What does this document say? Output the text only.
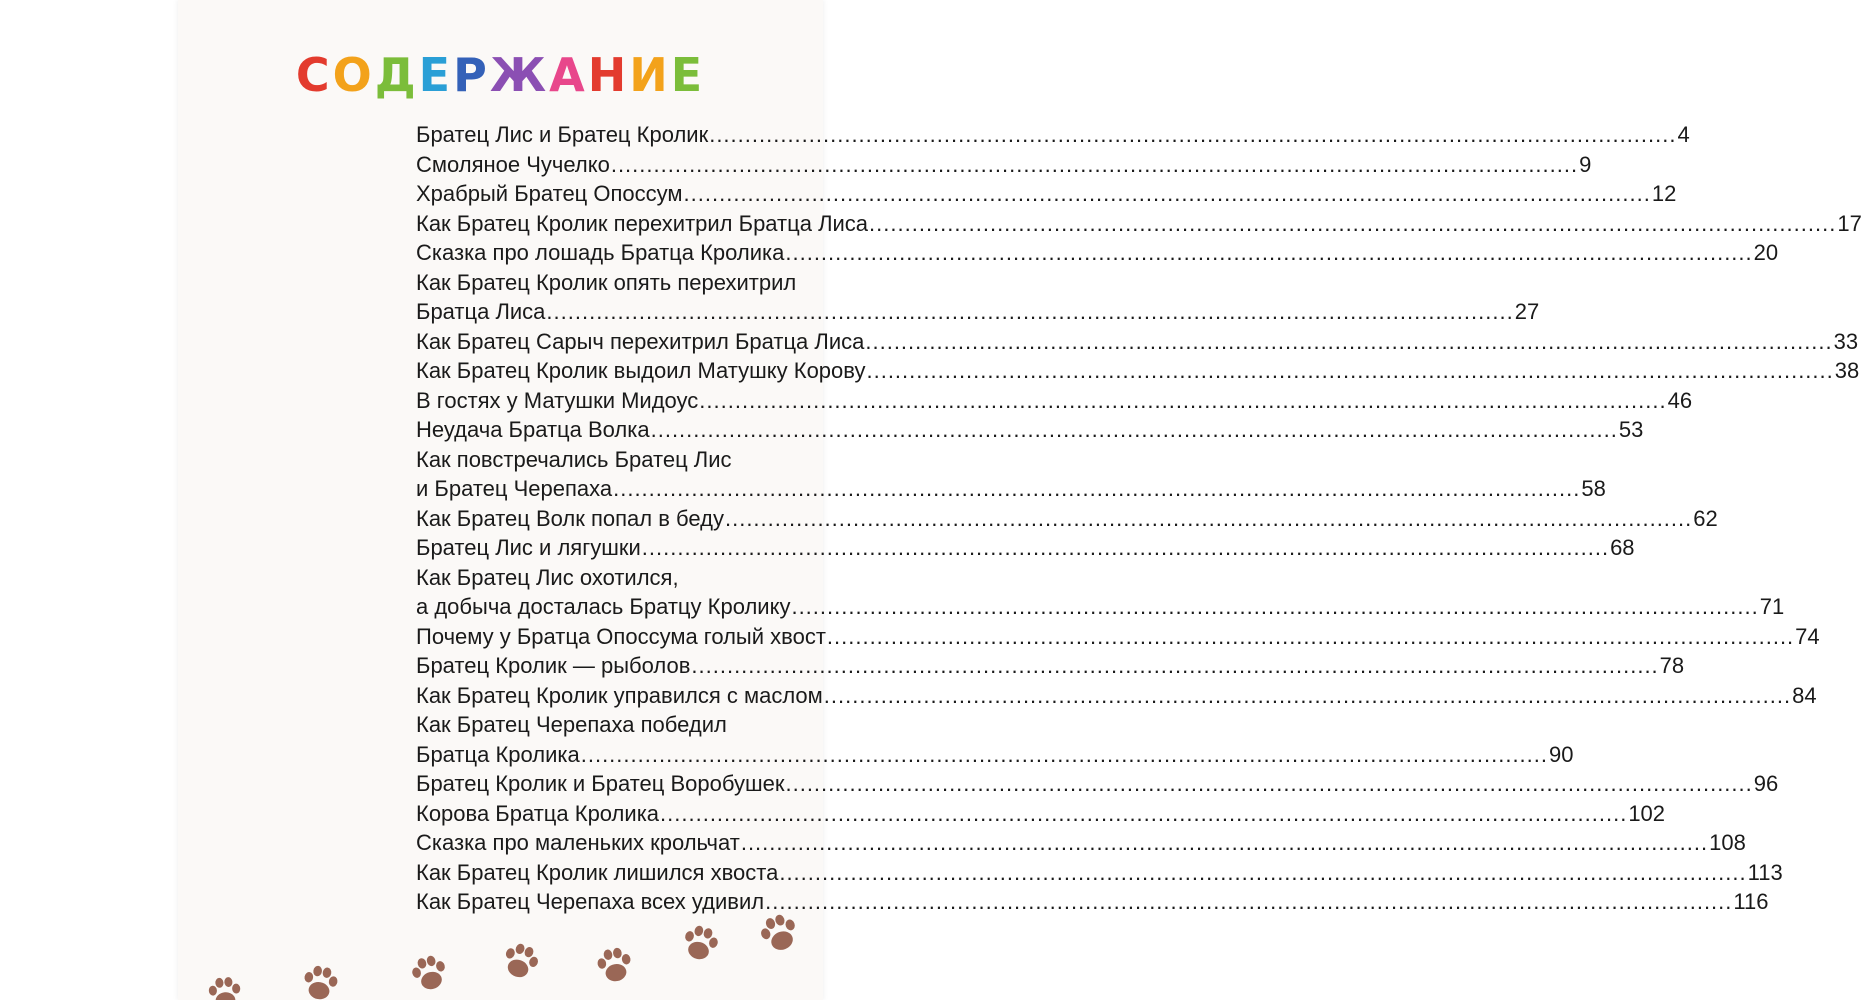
СОДЕРЖАНИЕ
Братец Лис и Братец Кролик .....	4
Смоляное Чучелко .....	9
Храбрый Братец Опоссум .....	12
Как Братец Кролик перехитрил Братца Лиса .....	17
Сказка про лошадь Братца Кролика .....	20
Как Братец Кролик опять перехитрил
Братца Лиса .....	27
Как Братец Сарыч перехитрил Братца Лиса .....	33
Как Братец Кролик выдоил Матушку Корову .....	38
В гостях у Матушки Мидоус .....	46
Неудача Братца Волка .....	53
Как повстречались Братец Лис
и Братец Черепаха .....	58
Как Братец Волк попал в беду .....	62
Братец Лис и лягушки .....	68
Как Братец Лис охотился,
а добыча досталась Братцу Кролику .....	71
Почему у Братца Опоссума голый хвост .....	74
Братец Кролик — рыболов .....	78
Как Братец Кролик управился с маслом .....	84
Как Братец Черепаха победил
Братца Кролика .....	90
Братец Кролик и Братец Воробушек .....	96
Корова Братца Кролика .....	102
Сказка про маленьких крольчат .....	108
Как Братец Кролик лишился хвоста .....	113
Как Братец Черепаха всех удивил .....	116
